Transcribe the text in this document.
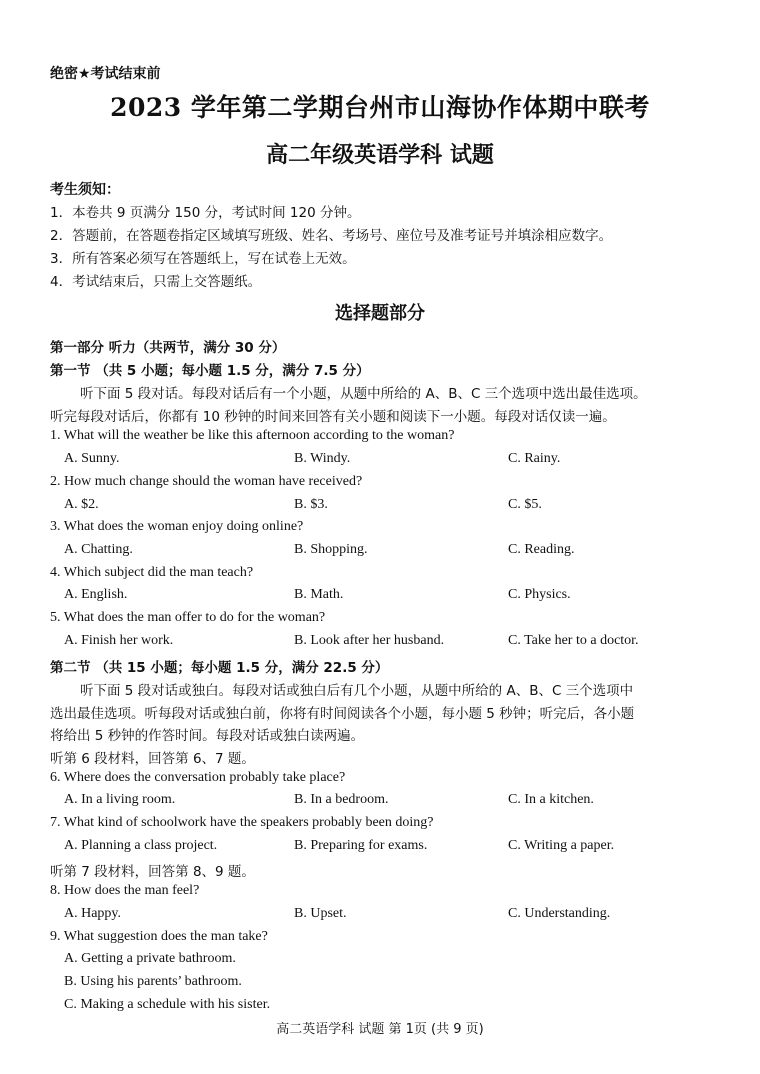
绝密★考试结束前
2023 学年第二学期台州市山海协作体期中联考
高二年级英语学科 试题
考生须知：
1．本卷共 9 页满分 150 分，考试时间 120 分钟。
2．答题前，在答题卷指定区域填写班级、姓名、考场号、座位号及准考证号并填涂相应数字。
3．所有答案必须写在答题纸上，写在试卷上无效。
4．考试结束后，只需上交答题纸。
选择题部分
第一部分 听力（共两节，满分 30 分）
第一节 （共 5 小题；每小题 1.5 分，满分 7.5 分）
听下面 5 段对话。每段对话后有一个小题，从题中所给的 A、B、C 三个选项中选出最佳选项。
听完每段对话后，你都有 10 秒钟的时间来回答有关小题和阅读下一小题。每段对话仅读一遍。
1. What will the weather be like this afternoon according to the woman?
A. Sunny.	B. Windy.	C. Rainy.
2. How much change should the woman have received?
A. $2.	B. $3.	C. $5.
3. What does the woman enjoy doing online?
A. Chatting.	B. Shopping.	C. Reading.
4. Which subject did the man teach?
A. English.	B. Math.	C. Physics.
5. What does the man offer to do for the woman?
A. Finish her work.	B. Look after her husband.	C. Take her to a doctor.
第二节 （共 15 小题；每小题 1.5 分，满分 22.5 分）
听下面 5 段对话或独白。每段对话或独白后有几个小题，从题中所给的 A、B、C 三个选项中
选出最佳选项。听每段对话或独白前，你将有时间阅读各个小题，每小题 5 秒钟；听完后，各小题
将给出 5 秒钟的作答时间。每段对话或独白读两遍。
听第 6 段材料，回答第 6、7 题。
6. Where does the conversation probably take place?
A. In a living room.	B. In a bedroom.	C. In a kitchen.
7. What kind of schoolwork have the speakers probably been doing?
A. Planning a class project.	B. Preparing for exams.	C. Writing a paper.
听第 7 段材料，回答第 8、9 题。
8. How does the man feel?
A. Happy.	B. Upset.	C. Understanding.
9. What suggestion does the man take?
A. Getting a private bathroom.
B. Using his parents’ bathroom.
C. Making a schedule with his sister.
高二英语学科 试题 第 1页 (共 9 页)
